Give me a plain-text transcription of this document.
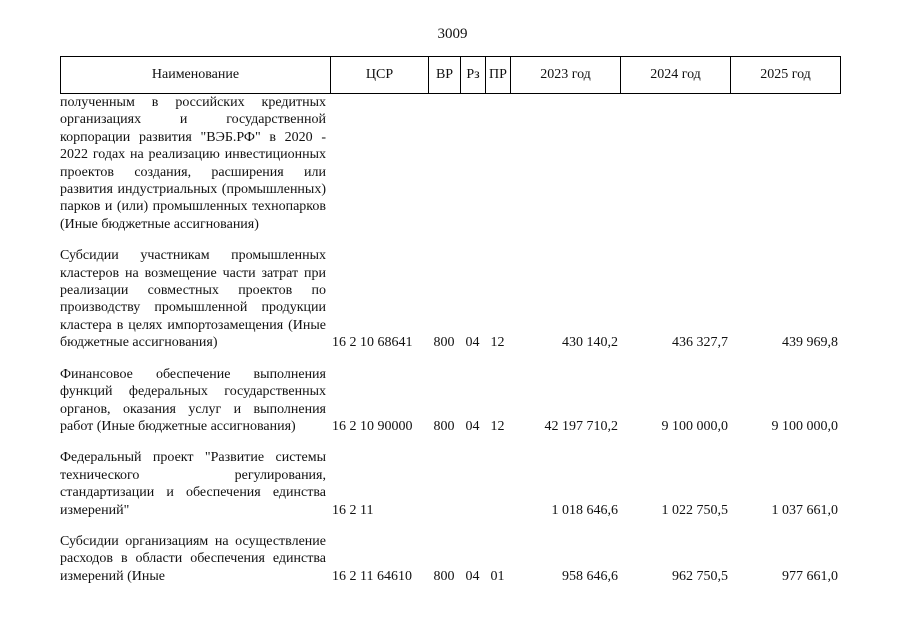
3009
Наименование	ЦСР	ВР	Рз	ПР	2023 год	2024 год	2025 год
полученным в российских кредитных организациях и государственной корпорации развития "ВЭБ.РФ" в 2020 - 2022 годах на реализацию инвестиционных проектов создания, расширения или развития индустриальных (промышленных) парков и (или) промышленных технопарков (Иные бюджетные ассигнования)							
Субсидии участникам промышленных кластеров на возмещение части затрат при реализации совместных проектов по производству промышленной продукции кластера в целях импортозамещения (Иные бюджетные ассигнования)	16 2 10 68641	800	04	12	430 140,2	436 327,7	439 969,8
Финансовое обеспечение выполнения функций федеральных государственных органов, оказания услуг и выполнения работ (Иные бюджетные ассигнования)	16 2 10 90000	800	04	12	42 197 710,2	9 100 000,0	9 100 000,0
Федеральный проект "Развитие системы технического регулирования, стандартизации и обеспечения единства измерений"	16 2 11				1 018 646,6	1 022 750,5	1 037 661,0
Субсидии организациям на осуществление расходов в области обеспечения единства измерений (Иные	16 2 11 64610	800	04	01	958 646,6	962 750,5	977 661,0
